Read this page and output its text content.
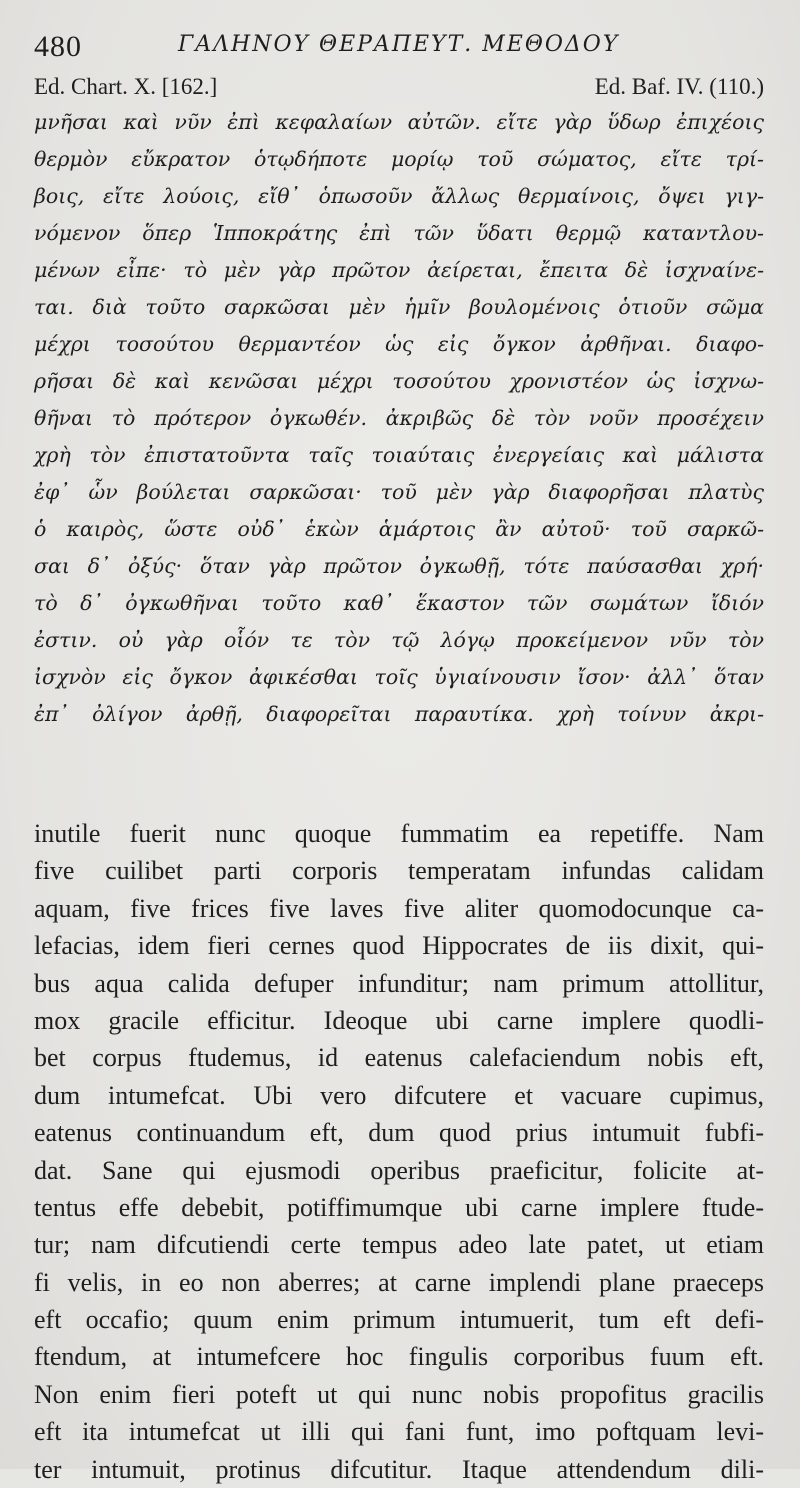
480	ΓΑΛΗΝΟΥ ΘΕΡΑΠΕΥΤ. ΜΕΘΟΔΟΥ
Ed. Chart. X. [162.]	Ed. Baf. IV. (110.)
μνῆσαι καὶ νῦν ἐπὶ κεφαλαίων αὐτῶν. εἴτε γὰρ ὕδωρ ἐπιχέοις
θερμὸν εὔκρατον ὁτῳδήποτε μορίῳ τοῦ σώματος, εἴτε τρί-
βοις, εἴτε λούοις, εἴθ᾽ ὁπωσοῦν ἄλλως θερμαίνοις, ὄψει γιγ-
νόμενον ὅπερ Ἱπποκράτης ἐπὶ τῶν ὕδατι θερμῷ καταντλου-
μένων εἶπε· τὸ μὲν γὰρ πρῶτον ἀείρεται, ἔπειτα δὲ ἰσχναίνε-
ται. διὰ τοῦτο σαρκῶσαι μὲν ἡμῖν βουλομένοις ὁτιοῦν σῶμα
μέχρι τοσούτου θερμαντέον ὡς εἰς ὄγκον ἀρθῆναι. διαφο-
ρῆσαι δὲ καὶ κενῶσαι μέχρι τοσούτου χρονιστέον ὡς ἰσχνω-
θῆναι τὸ πρότερον ὀγκωθέν. ἀκριβῶς δὲ τὸν νοῦν προσέχειν
χρὴ τὸν ἐπιστατοῦντα ταῖς τοιαύταις ἐνεργείαις καὶ μάλιστα
ἐφ᾽ ὧν βούλεται σαρκῶσαι· τοῦ μὲν γὰρ διαφορῆσαι πλατὺς
ὁ καιρὸς, ὥστε οὐδ᾽ ἑκὼν ἁμάρτοις ἂν αὐτοῦ· τοῦ σαρκῶ-
σαι δ᾽ ὀξύς· ὅταν γὰρ πρῶτον ὀγκωθῇ, τότε παύσασθαι χρή·
τὸ δ᾽ ὀγκωθῆναι τοῦτο καθ᾽ ἕκαστον τῶν σωμάτων ἴδιόν
ἐστιν. οὐ γὰρ οἷόν τε τὸν τῷ λόγῳ προκείμενον νῦν τὸν
ἰσχνὸν εἰς ὄγκον ἀφικέσθαι τοῖς ὑγιαίνουσιν ἴσον· ἀλλ᾽ ὅταν
ἐπ᾽ ὀλίγον ἀρθῇ, διαφορεῖται παραυτίκα. χρὴ τοίνυν ἀκρι-
inutile fuerit nunc quoque fummatim ea repetiffe. Nam
five cuilibet parti corporis temperatam infundas calidam
aquam, five frices five laves five aliter quomodocunque ca-
lefacias, idem fieri cernes quod Hippocrates de iis dixit, qui-
bus aqua calida defuper infunditur; nam primum attollitur,
mox gracile efficitur. Ideoque ubi carne implere quodli-
bet corpus ftudemus, id eatenus calefaciendum nobis eft,
dum intumefcat. Ubi vero difcutere et vacuare cupimus,
eatenus continuandum eft, dum quod prius intumuit fubfi-
dat. Sane qui ejusmodi operibus praeficitur, folicite at-
tentus effe debebit, potiffimumque ubi carne implere ftude-
tur; nam difcutiendi certe tempus adeo late patet, ut etiam
fi velis, in eo non aberres; at carne implendi plane praeceps
eft occafio; quum enim primum intumuerit, tum eft defi-
ftendum, at intumefcere hoc fingulis corporibus fuum eft.
Non enim fieri poteft ut qui nunc nobis propofitus gracilis
eft ita intumefcat ut illi qui fani funt, imo poftquam levi-
ter intumuit, protinus difcutitur. Itaque attendendum dili-
